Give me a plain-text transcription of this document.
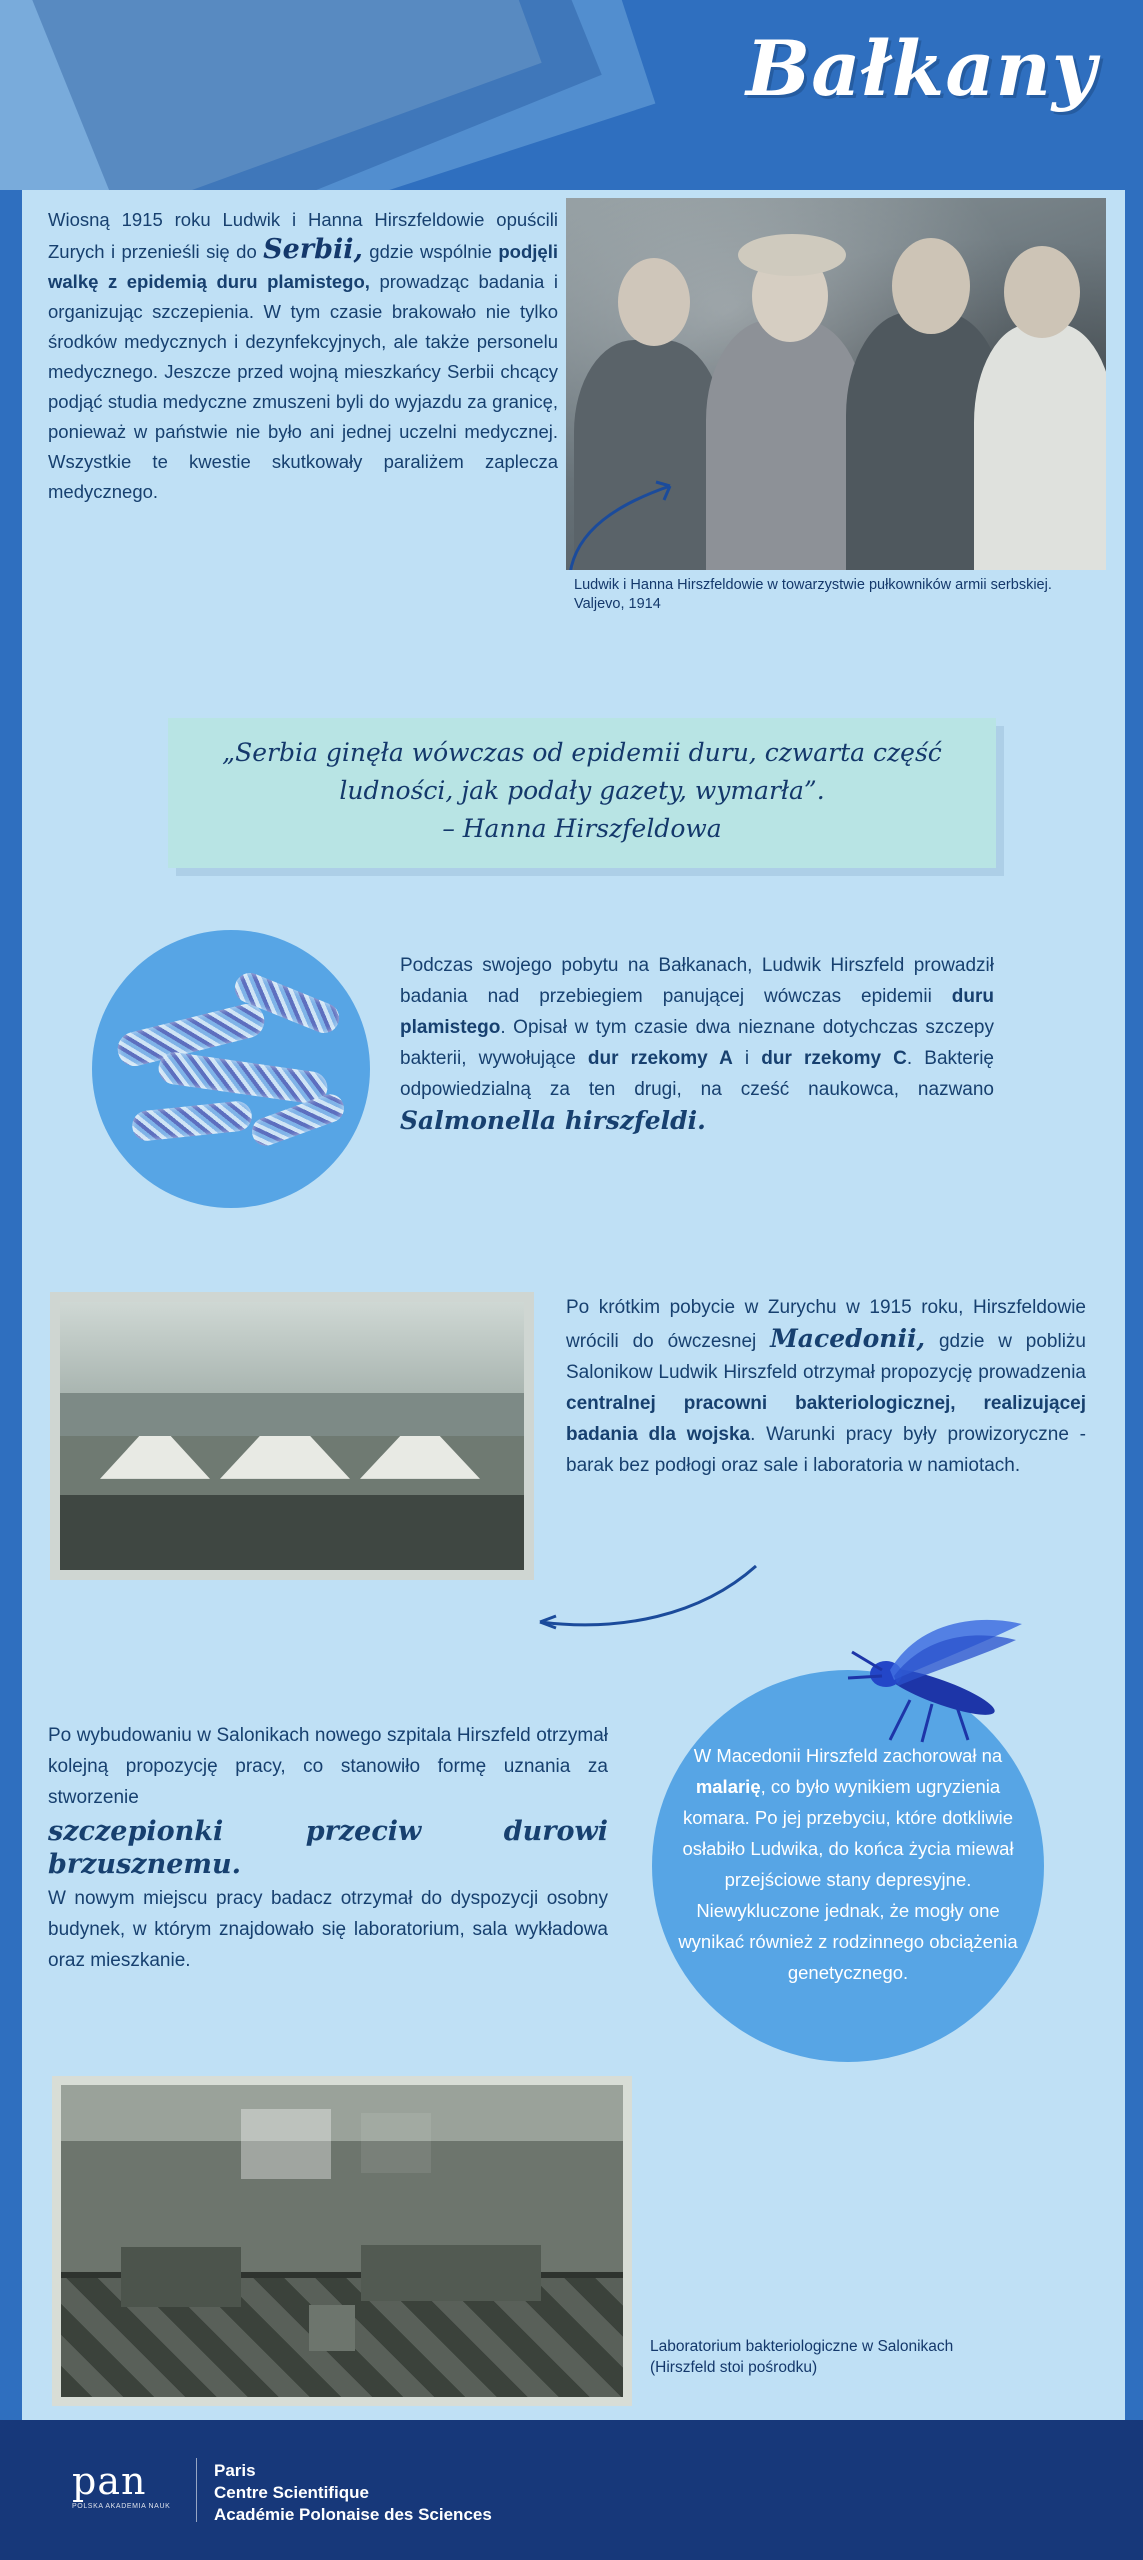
Bałkany
Wiosną 1915 roku Ludwik i Hanna Hirszfeldowie opuścili Zurych i przenieśli się do Serbii, gdzie wspólnie podjęli walkę z epidemią duru plamistego, prowadząc badania i organizując szczepienia. W tym czasie brakowało nie tylko środków medycznych i dezynfekcyjnych, ale także personelu medycznego. Jeszcze przed wojną mieszkańcy Serbii chcący podjąć studia medyczne zmuszeni byli do wyjazdu za granicę, ponieważ w państwie nie było ani jednej uczelni medycznej. Wszystkie te kwestie skutkowały paraliżem zaplecza medycznego.
Ludwik i Hanna Hirszfeldowie w towarzystwie pułkowników armii serbskiej. Valjevo, 1914
„Serbia ginęła wówczas od epidemii duru, czwarta część ludności, jak podały gazety, wymarła”.
– Hanna Hirszfeldowa
Podczas swojego pobytu na Bałkanach, Ludwik Hirszfeld prowadził badania nad przebiegiem panującej wówczas epidemii duru plamistego. Opisał w tym czasie dwa nieznane dotychczas szczepy bakterii, wywołujące dur rzekomy A i dur rzekomy C. Bakterię odpowiedzialną za ten drugi, na cześć naukowca, nazwano Salmonella hirszfeldi.
Po krótkim pobycie w Zurychu w 1915 roku, Hirszfeldowie wrócili do ówczesnej Macedonii, gdzie w pobliżu Salonikow Ludwik Hirszfeld otrzymał propozycję prowadzenia centralnej pracowni bakteriologicznej, realizującej badania dla wojska. Warunki pracy były prowizoryczne - barak bez podłogi oraz sale i laboratoria w namiotach.
W Macedonii Hirszfeld zachorował na malarię, co było wynikiem ugryzienia komara. Po jej przebyciu, które dotkliwie osłabiło Ludwika, do końca życia miewał przejściowe stany depresyjne. Niewykluczone jednak, że mogły one wynikać również z rodzinnego obciążenia genetycznego.
Po wybudowaniu w Salonikach nowego szpitala Hirszfeld otrzymał kolejną propozycję pracy, co stanowiło formę uznania za stworzenie
szczepionki przeciw durowi brzusznemu.
W nowym miejscu pracy badacz otrzymał do dyspozycji osobny budynek, w którym znajdowało się laboratorium, sala wykładowa oraz mieszkanie.
Laboratorium bakteriologiczne w Salonikach
(Hirszfeld stoi pośrodku)
pan
POLSKA AKADEMIA NAUK
Paris
Centre Scientifique
Académie Polonaise des Sciences
